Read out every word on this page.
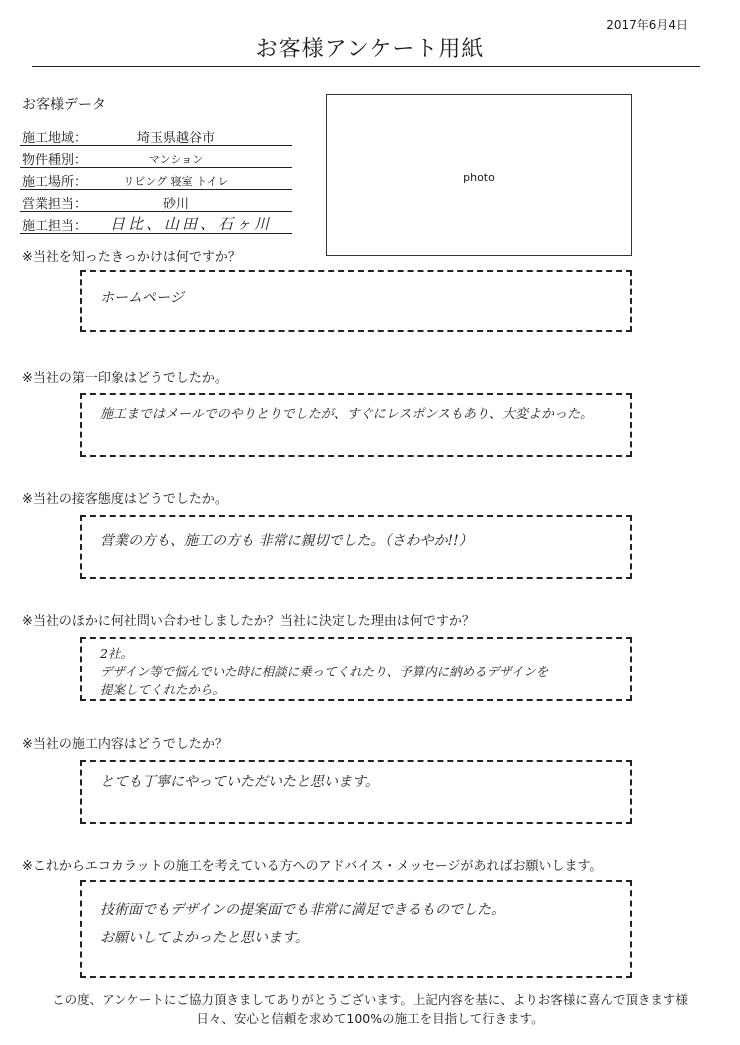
2017年6月4日
お客様アンケート用紙
お客様データ
施工地域：	埼玉県越谷市
物件種別：	マンション
施工場所：	リビング 寝室 トイレ
営業担当：	砂川
施工担当： 日比、山田、石ヶ川
photo
※当社を知ったきっかけは何ですか？
ホームページ
※当社の第一印象はどうでしたか。
施工まではメールでのやりとりでしたが、すぐにレスポンスもあり、大変よかった。
※当社の接客態度はどうでしたか。
営業の方も、施工の方も 非常に親切でした。（さわやか!!）
※当社のほかに何社問い合わせしましたか？当社に決定した理由は何ですか？
2社。
デザイン等で悩んでいた時に相談に乗ってくれたり、予算内に納めるデザインを
提案してくれたから。
※当社の施工内容はどうでしたか？
とても丁寧にやっていただいたと思います。
※これからエコカラットの施工を考えている方へのアドバイス・メッセージがあればお願いします。
技術面でもデザインの提案面でも非常に満足できるものでした。
お願いしてよかったと思います。
この度、アンケートにご協力頂きましてありがとうございます。上記内容を基に、よりお客様に喜んで頂きます様
日々、安心と信頼を求めて100%の施工を目指して行きます。
